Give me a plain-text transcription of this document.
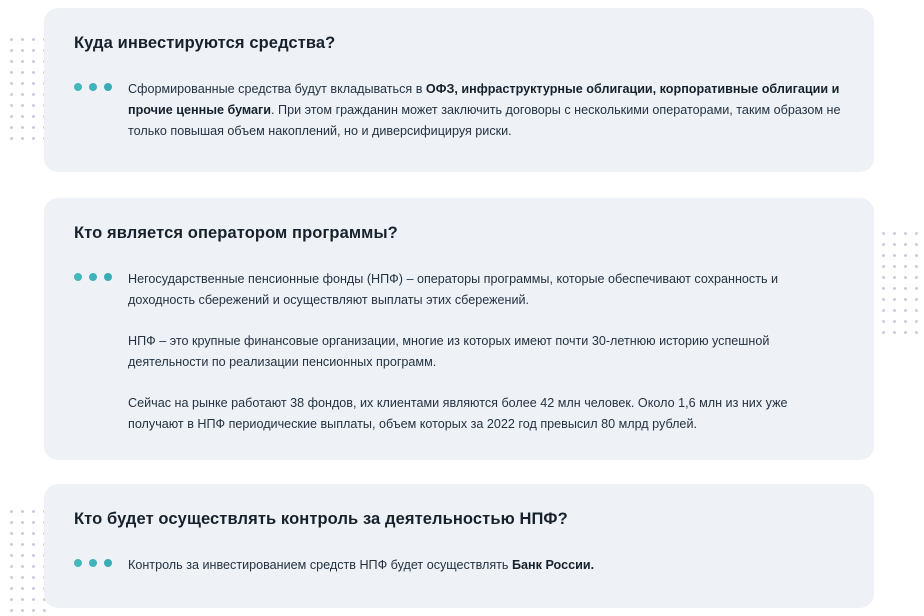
Куда инвестируются средства?

Сформированные средства будут вкладываться в ОФЗ, инфраструктурные облигации, корпоративные облигации и прочие ценные бумаги. При этом гражданин может заключить договоры с несколькими операторами, таким образом не только повышая объем накоплений, но и диверсифицируя риски.

Кто является оператором программы?

Негосударственные пенсионные фонды (НПФ) – операторы программы, которые обеспечивают сохранность и доходность сбережений и осуществляют выплаты этих сбережений.

НПФ – это крупные финансовые организации, многие из которых имеют почти 30-летнюю историю успешной деятельности по реализации пенсионных программ.

Сейчас на рынке работают 38 фондов, их клиентами являются более 42 млн человек. Около 1,6 млн из них уже получают в НПФ периодические выплаты, объем которых за 2022 год превысил 80 млрд рублей.

Кто будет осуществлять контроль за деятельностью НПФ?

Контроль за инвестированием средств НПФ будет осуществлять Банк России.
